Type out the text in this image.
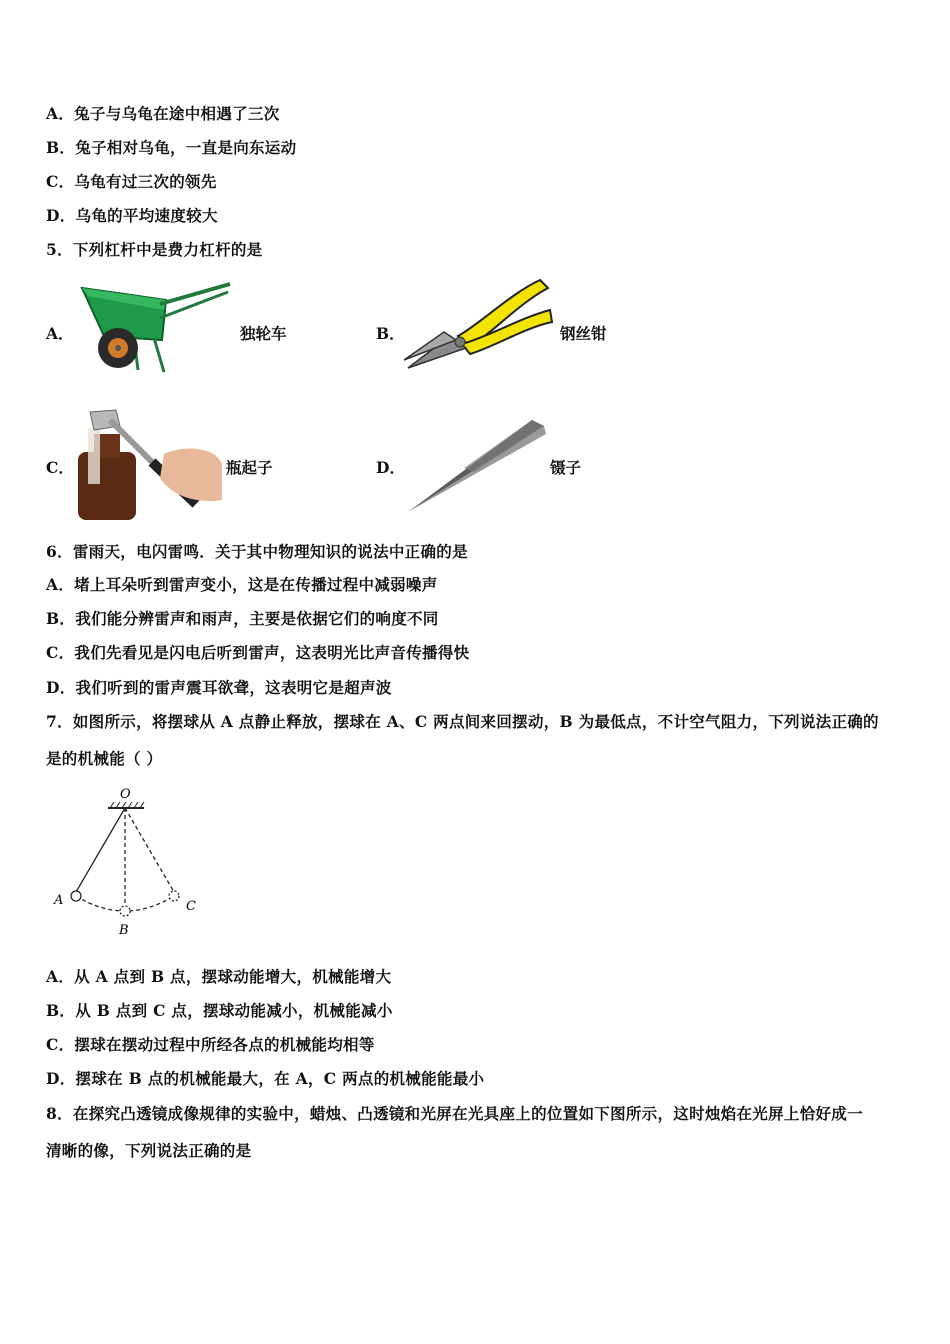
A．兔子与乌龟在途中相遇了三次
B．兔子相对乌龟，一直是向东运动
C．乌龟有过三次的领先
D．乌龟的平均速度较大
5．下列杠杆中是费力杠杆的是
A．	独轮车	B．	钢丝钳
C．	瓶起子	D．	镊子
6．雷雨天，电闪雷鸣．关于其中物理知识的说法中正确的是
A．堵上耳朵听到雷声变小，这是在传播过程中减弱噪声
B．我们能分辨雷声和雨声，主要是依据它们的响度不同
C．我们先看见是闪电后听到雷声，这表明光比声音传播得快
D．我们听到的雷声震耳欲聋，这表明它是超声波
7．如图所示，将摆球从 A 点静止释放，摆球在 A、C 两点间来回摆动，B 为最低点，不计空气阻力，下列说法正确的
是的机械能（ ）
O
A
B
C
A．从 A 点到 B 点，摆球动能增大，机械能增大
B．从 B 点到 C 点，摆球动能减小，机械能减小
C．摆球在摆动过程中所经各点的机械能均相等
D．摆球在 B 点的机械能最大，在 A，C 两点的机械能能最小
8．在探究凸透镜成像规律的实验中，蜡烛、凸透镜和光屏在光具座上的位置如下图所示，这时烛焰在光屏上恰好成一
清晰的像，下列说法正确的是
